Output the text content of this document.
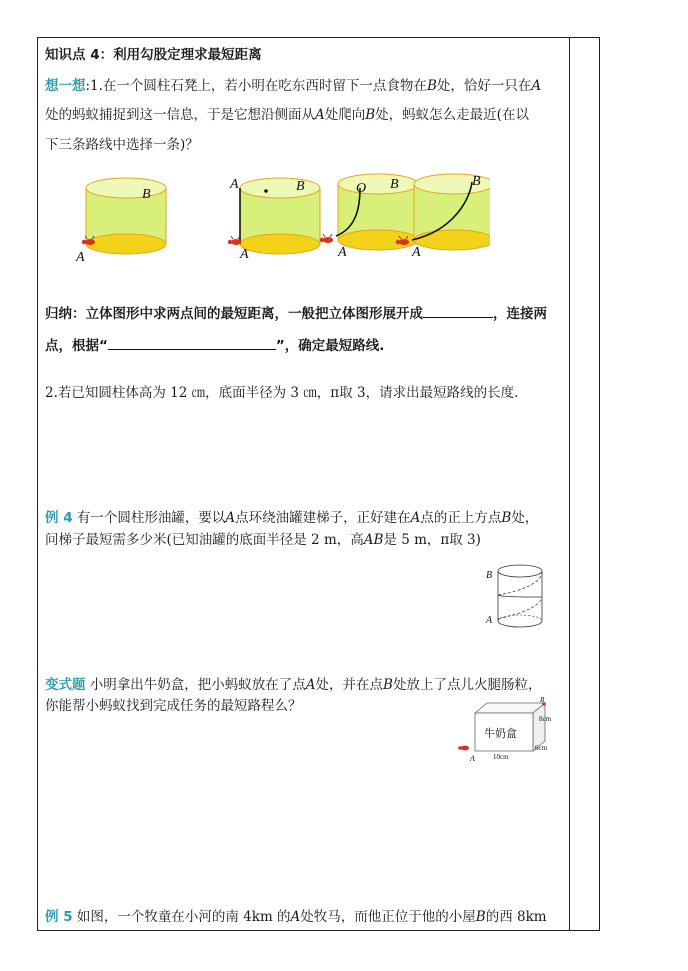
知识点 4：利用勾股定理求最短距离
想一想:1.在一个圆柱石凳上，若小明在吃东西时留下一点食物在B处，恰好一只在A
处的蚂蚁捕捉到这一信息，于是它想沿侧面从A处爬向B处，蚂蚁怎么走最近(在以
下三条路线中选择一条)？
B
A
A	B
A
O B
A
B
A
归纳：立体图形中求两点间的最短距离，一般把立体图形展开成	，连接两
点，根据“	”，确定最短路线.
2.若已知圆柱体高为 12 ㎝，底面半径为 3 ㎝，π取 3，请求出最短路线的长度.
例 4 有一个圆柱形油罐，要以A点环绕油罐建梯子，正好建在A点的正上方点B处，
问梯子最短需多少米(已知油罐的底面半径是 2 m，高AB是 5 m，π取 3)
B
A
变式题 小明拿出牛奶盒，把小蚂蚁放在了点A处，并在点B处放上了点儿火腿肠粒，
你能帮小蚂蚁找到完成任务的最短路程么？
牛奶盒
10cm
6cm
8cm
A
B
例 5 如图，一个牧童在小河的南 4km 的A处牧马，而他正位于他的小屋B的西 8km
